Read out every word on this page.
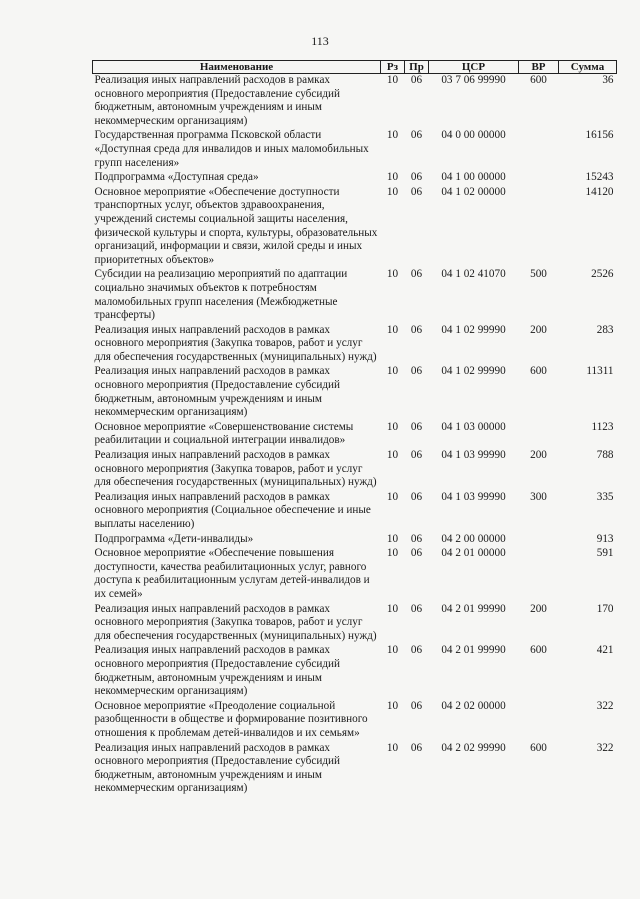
113
Наименование	Рз	Пр	ЦСР	ВР	Сумма
Реализация иных направлений расходов в рамках основного мероприятия (Предоставление субсидий бюджетным, автономным учреждениям и иным некоммерческим организациям)	10	06	03 7 06 99990	600	36
Государственная программа Псковской области «Доступная среда для инвалидов и иных маломобильных групп населения»	10	06	04 0 00 00000		16156
Подпрограмма «Доступная среда»	10	06	04 1 00 00000		15243
Основное мероприятие «Обеспечение доступности транспортных услуг, объектов здравоохранения, учреждений системы социальной защиты населения, физической культуры и спорта, культуры, образовательных организаций, информации и связи, жилой среды и иных приоритетных объектов»	10	06	04 1 02 00000		14120
Субсидии на реализацию мероприятий по адаптации социально значимых объектов к потребностям маломобильных групп населения (Межбюджетные трансферты)	10	06	04 1 02 41070	500	2526
Реализация иных направлений расходов в рамках основного мероприятия (Закупка товаров, работ и услуг для обеспечения государственных (муниципальных) нужд)	10	06	04 1 02 99990	200	283
Реализация иных направлений расходов в рамках основного мероприятия (Предоставление субсидий бюджетным, автономным учреждениям и иным некоммерческим организациям)	10	06	04 1 02 99990	600	11311
Основное мероприятие «Совершенствование системы реабилитации и социальной интеграции инвалидов»	10	06	04 1 03 00000		1123
Реализация иных направлений расходов в рамках основного мероприятия (Закупка товаров, работ и услуг для обеспечения государственных (муниципальных) нужд)	10	06	04 1 03 99990	200	788
Реализация иных направлений расходов в рамках основного мероприятия (Социальное обеспечение и иные выплаты населению)	10	06	04 1 03 99990	300	335
Подпрограмма «Дети-инвалиды»	10	06	04 2 00 00000		913
Основное мероприятие «Обеспечение повышения доступности, качества реабилитационных услуг, равного доступа к реабилитационным услугам детей-инвалидов и их семей»	10	06	04 2 01 00000		591
Реализация иных направлений расходов в рамках основного мероприятия (Закупка товаров, работ и услуг для обеспечения государственных (муниципальных) нужд)	10	06	04 2 01 99990	200	170
Реализация иных направлений расходов в рамках основного мероприятия (Предоставление субсидий бюджетным, автономным учреждениям и иным некоммерческим организациям)	10	06	04 2 01 99990	600	421
Основное мероприятие «Преодоление социальной разобщенности в обществе и формирование позитивного отношения к проблемам детей-инвалидов и их семьям»	10	06	04 2 02 00000		322
Реализация иных направлений расходов в рамках основного мероприятия (Предоставление субсидий бюджетным, автономным учреждениям и иным некоммерческим организациям)	10	06	04 2 02 99990	600	322
